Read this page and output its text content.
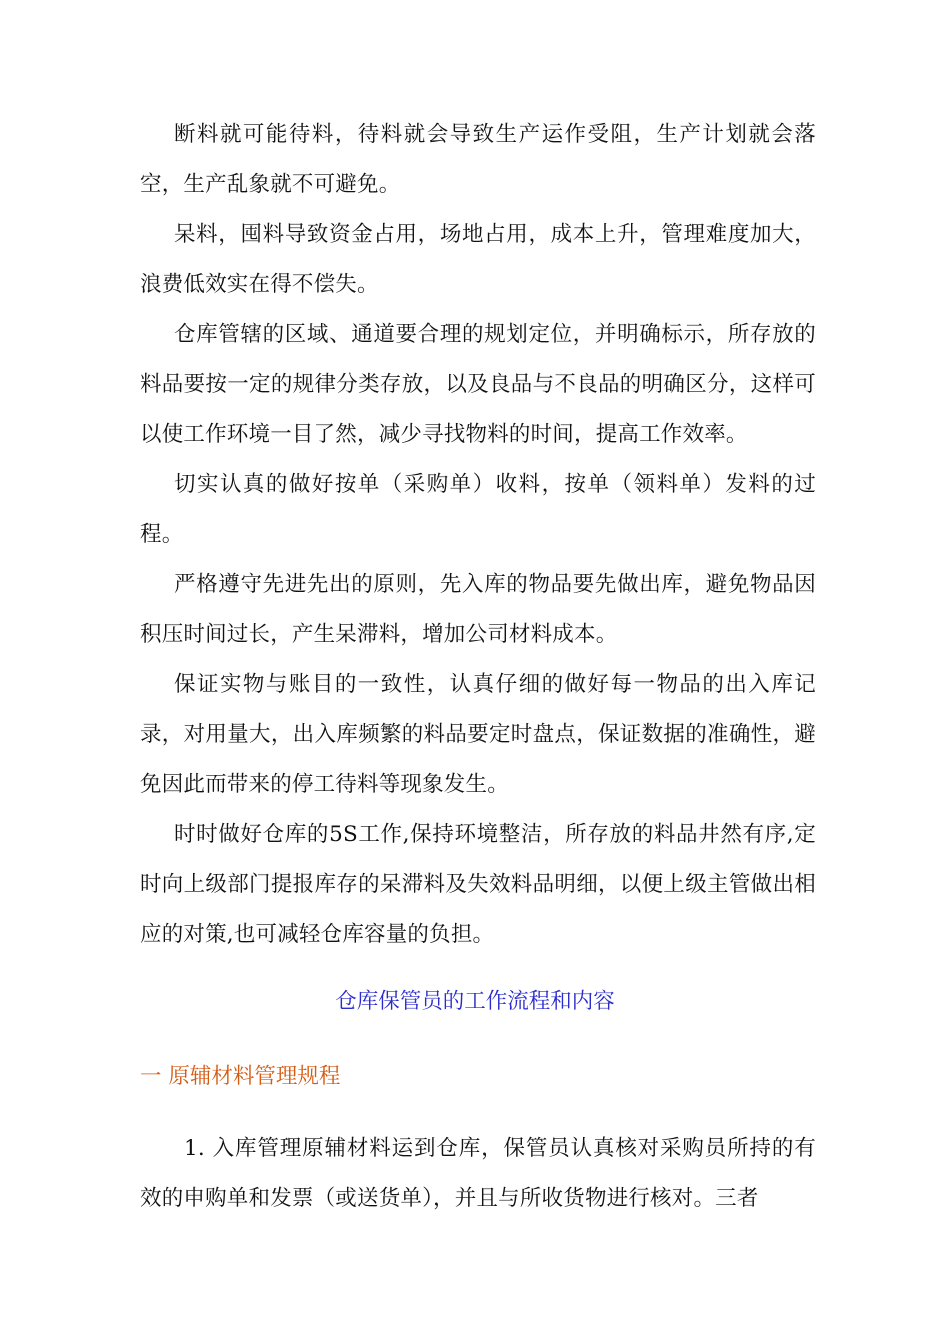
断料就可能待料，待料就会导致生产运作受阻，生产计划就会落空，生产乱象就不可避免。

呆料，囤料导致资金占用，场地占用，成本上升，管理难度加大，浪费低效实在得不偿失。

仓库管辖的区域、通道要合理的规划定位，并明确标示，所存放的料品要按一定的规律分类存放，以及良品与不良品的明确区分，这样可以使工作环境一目了然，减少寻找物料的时间，提高工作效率。

切实认真的做好按单（采购单）收料，按单（领料单）发料的过程。

严格遵守先进先出的原则，先入库的物品要先做出库，避免物品因积压时间过长，产生呆滞料，增加公司材料成本。

保证实物与账目的一致性，认真仔细的做好每一物品的出入库记录，对用量大，出入库频繁的料品要定时盘点，保证数据的准确性，避免因此而带来的停工待料等现象发生。

时时做好仓库的5S工作,保持环境整洁，所存放的料品井然有序,定时向上级部门提报库存的呆滞料及失效料品明细，以便上级主管做出相应的对策,也可减轻仓库容量的负担。

仓库保管员的工作流程和内容

一 原辅材料管理规程

1. 入库管理原辅材料运到仓库，保管员认真核对采购员所持的有效的申购单和发票（或送货单），并且与所收货物进行核对。三者
